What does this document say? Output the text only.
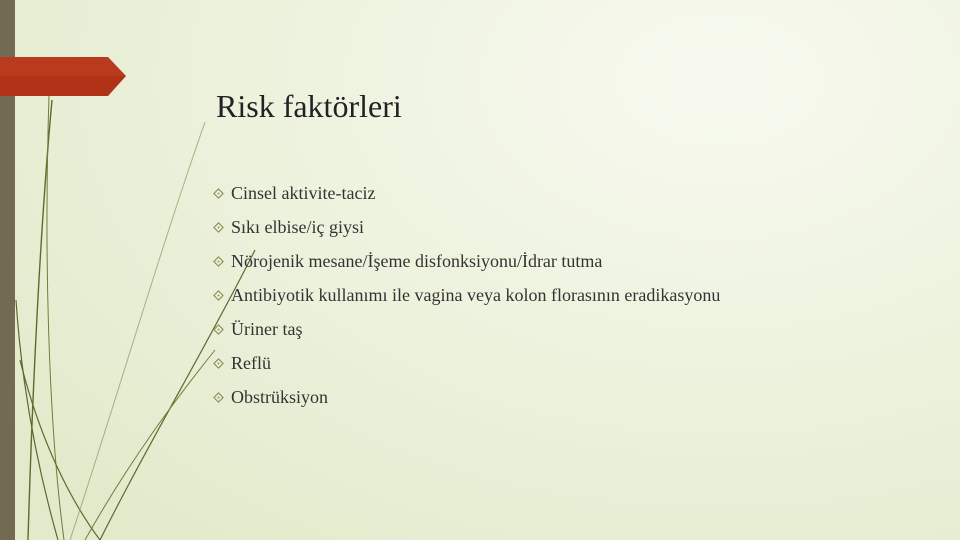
Risk faktörleri
Cinsel aktivite-taciz
Sıkı elbise/iç giysi
Nörojenik mesane/İşeme disfonksiyonu/İdrar tutma
Antibiyotik kullanımı ile vagina veya kolon florasının eradikasyonu
Üriner taş
Reflü
Obstrüksiyon
